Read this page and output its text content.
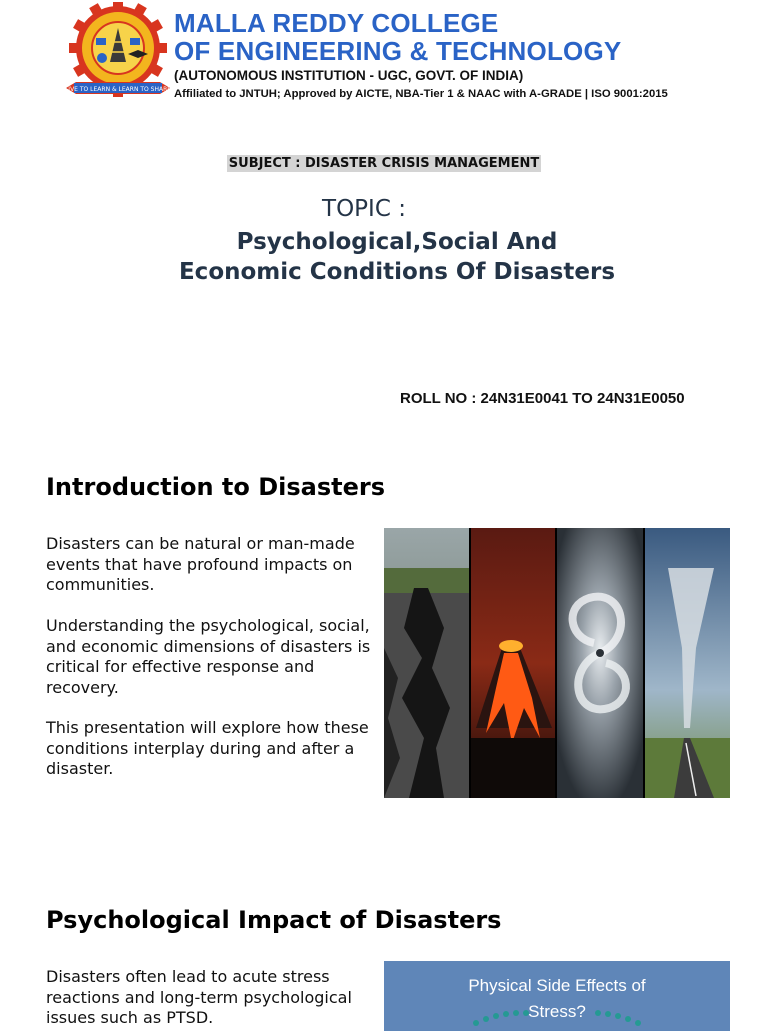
LIVE TO LEARN & LEARN TO SHARE
MALLA REDDY COLLEGE
OF ENGINEERING & TECHNOLOGY
(AUTONOMOUS INSTITUTION - UGC, GOVT. OF INDIA)
Affiliated to JNTUH; Approved by AICTE, NBA-Tier 1 & NAAC with A-GRADE | ISO 9001:2015
SUBJECT : DISASTER CRISIS MANAGEMENT
TOPIC :
Psychological,Social And
Economic Conditions Of Disasters
ROLL NO : 24N31E0041 TO 24N31E0050
Introduction to Disasters
Disasters can be natural or man-made events that have profound impacts on communities.
Understanding the psychological, social, and economic dimensions of disasters is critical for effective response and recovery.
This presentation will explore how these conditions interplay during and after a disaster.
Psychological Impact of Disasters
Disasters often lead to acute stress reactions and long-term psychological issues such as PTSD.
Physical Side Effects of
Stress?
